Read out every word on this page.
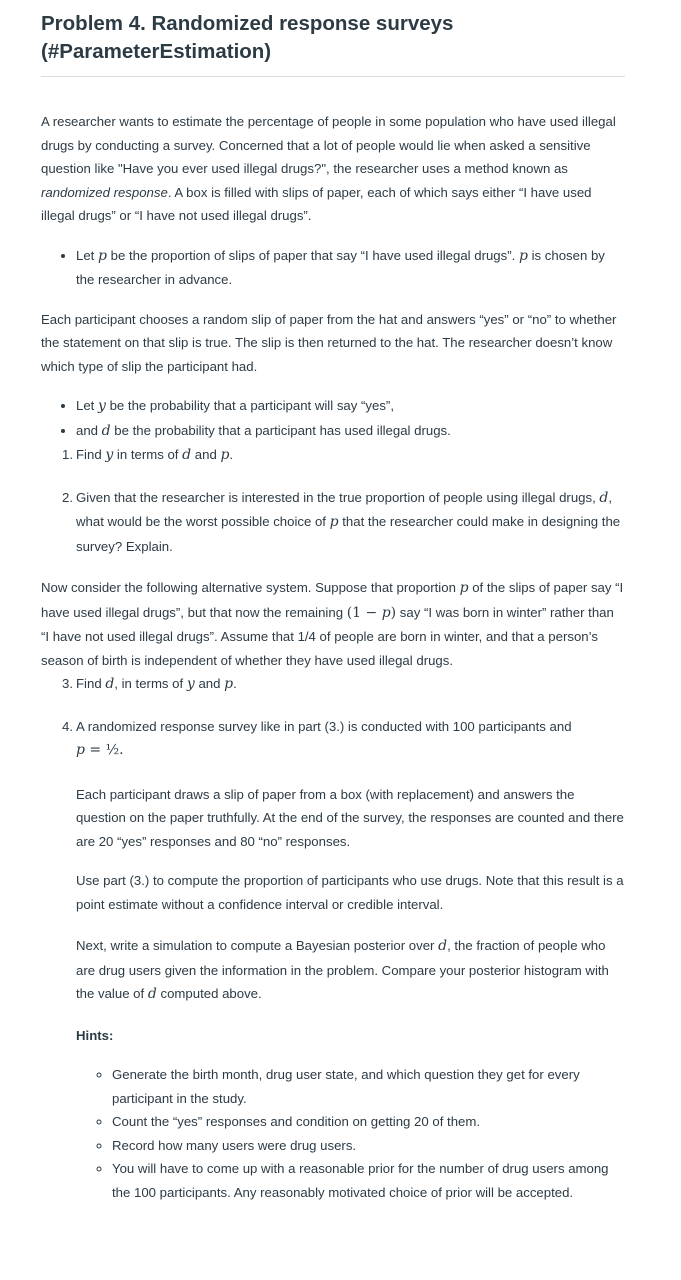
Problem 4. Randomized response surveys
(#ParameterEstimation)

A researcher wants to estimate the percentage of people in some population who have used illegal drugs by conducting a survey. Concerned that a lot of people would lie when asked a sensitive question like "Have you ever used illegal drugs?", the researcher uses a method known as randomized response. A box is filled with slips of paper, each of which says either “I have used illegal drugs” or “I have not used illegal drugs”.

• Let p be the proportion of slips of paper that say “I have used illegal drugs”. p is chosen by the researcher in advance.

Each participant chooses a random slip of paper from the hat and answers “yes” or “no” to whether the statement on that slip is true. The slip is then returned to the hat. The researcher doesn’t know which type of slip the participant had.

• Let y be the probability that a participant will say “yes”,
• and d be the probability that a participant has used illegal drugs.
1. Find y in terms of d and p.
2. Given that the researcher is interested in the true proportion of people using illegal drugs, d, what would be the worst possible choice of p that the researcher could make in designing the survey? Explain.

Now consider the following alternative system. Suppose that proportion p of the slips of paper say “I have used illegal drugs”, but that now the remaining (1 − p) say “I was born in winter” rather than “I have not used illegal drugs”. Assume that 1/4 of people are born in winter, and that a person’s season of birth is independent of whether they have used illegal drugs.

3. Find d, in terms of y and p.
4. A randomized response survey like in part (3.) is conducted with 100 participants and
p = ½.

Each participant draws a slip of paper from a box (with replacement) and answers the question on the paper truthfully. At the end of the survey, the responses are counted and there are 20 “yes” responses and 80 “no” responses.

Use part (3.) to compute the proportion of participants who use drugs. Note that this result is a point estimate without a confidence interval or credible interval.

Next, write a simulation to compute a Bayesian posterior over d, the fraction of people who are drug users given the information in the problem. Compare your posterior histogram with the value of d computed above.

Hints:

◦ Generate the birth month, drug user state, and which question they get for every participant in the study.
◦ Count the “yes” responses and condition on getting 20 of them.
◦ Record how many users were drug users.
◦ You will have to come up with a reasonable prior for the number of drug users among the 100 participants. Any reasonably motivated choice of prior will be accepted.
